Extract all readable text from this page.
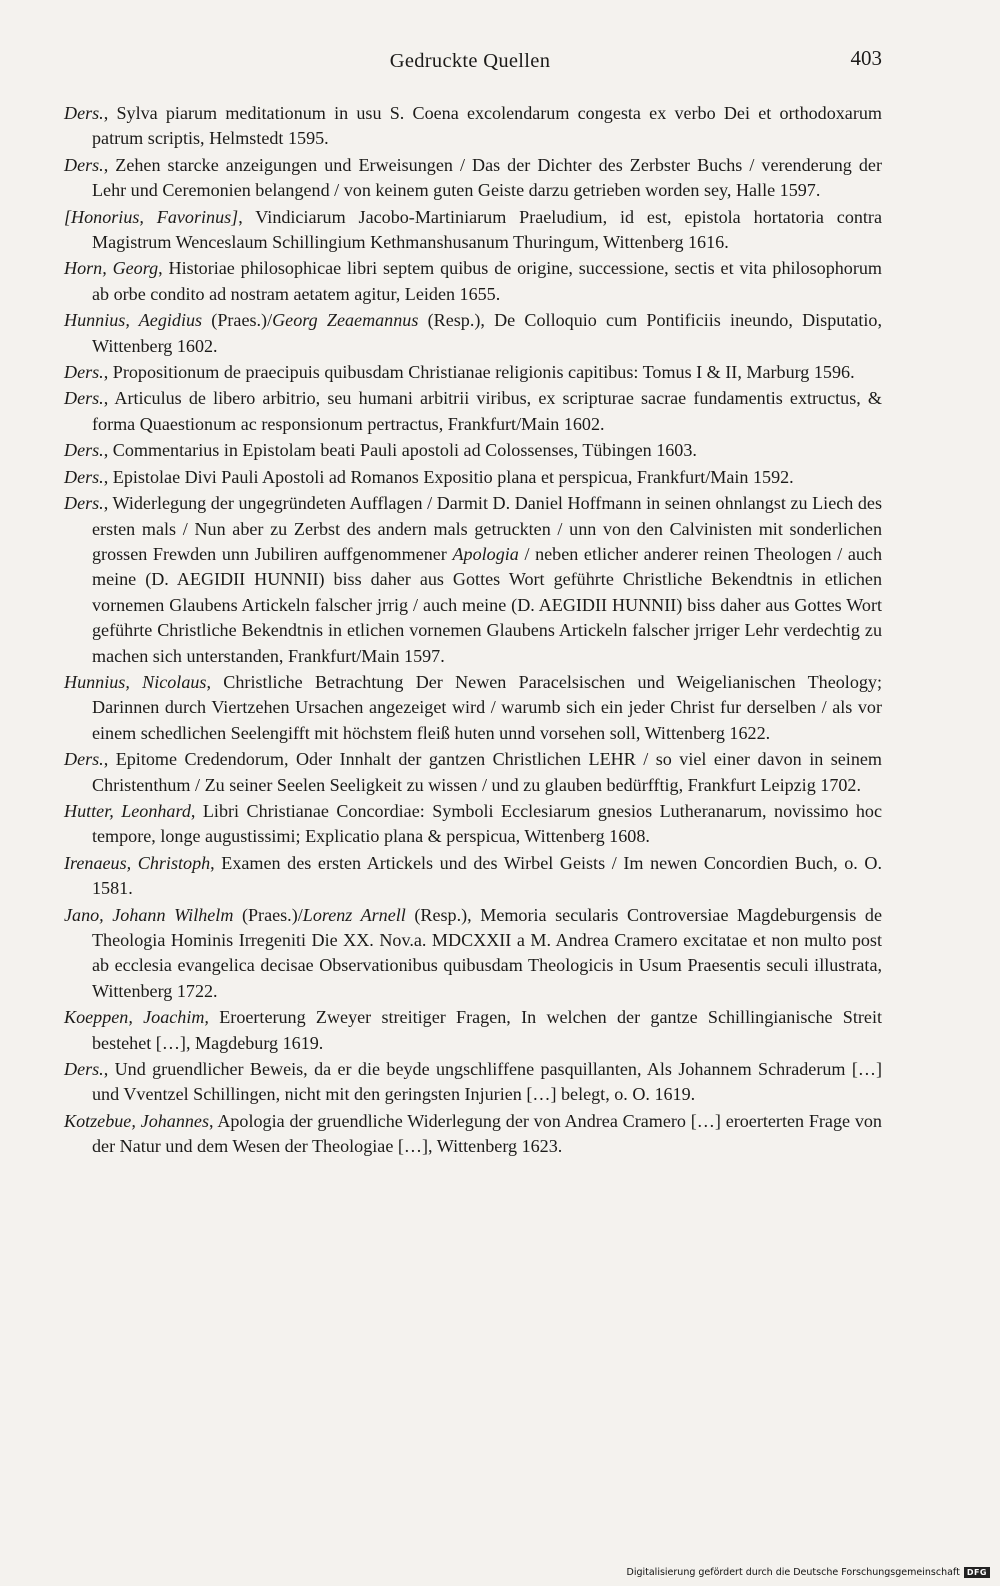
Gedruckte Quellen	403

Ders., Sylva piarum meditationum in usu S. Coena excolendarum congesta ex verbo Dei et orthodoxarum patrum scriptis, Helmstedt 1595.

Ders., Zehen starcke anzeigungen und Erweisungen / Das der Dichter des Zerbster Buchs / verenderung der Lehr und Ceremonien belangend / von keinem guten Geiste darzu getrieben worden sey, Halle 1597.

[Honorius, Favorinus], Vindiciarum Jacobo-Martiniarum Praeludium, id est, epistola hortatoria contra Magistrum Wenceslaum Schillingium Kethmanshusanum Thuringum, Wittenberg 1616.

Horn, Georg, Historiae philosophicae libri septem quibus de origine, successione, sectis et vita philosophorum ab orbe condito ad nostram aetatem agitur, Leiden 1655.

Hunnius, Aegidius (Praes.)/Georg Zeaemannus (Resp.), De Colloquio cum Pontificiis ineundo, Disputatio, Wittenberg 1602.

Ders., Propositionum de praecipuis quibusdam Christianae religionis capitibus: Tomus I & II, Marburg 1596.

Ders., Articulus de libero arbitrio, seu humani arbitrii viribus, ex scripturae sacrae fundamentis extructus, & forma Quaestionum ac responsionum pertractus, Frankfurt/Main 1602.

Ders., Commentarius in Epistolam beati Pauli apostoli ad Colossenses, Tübingen 1603.

Ders., Epistolae Divi Pauli Apostoli ad Romanos Expositio plana et perspicua, Frankfurt/Main 1592.

Ders., Widerlegung der ungegründeten Aufflagen / Darmit D. Daniel Hoffmann in seinen ohnlangst zu Liech des ersten mals / Nun aber zu Zerbst des andern mals getruckten / unn von den Calvinisten mit sonderlichen grossen Frewden unn Jubiliren auffgenommener Apologia / neben etlicher anderer reinen Theologen / auch meine (D. AEGIDII HUNNII) biss daher aus Gottes Wort geführte Christliche Bekendtnis in etlichen vornemen Glaubens Artickeln falscher jrrig / auch meine (D. AEGIDII HUNNII) biss daher aus Gottes Wort geführte Christliche Bekendtnis in etlichen vornemen Glaubens Artickeln falscher jrriger Lehr verdechtig zu machen sich unterstanden, Frankfurt/Main 1597.

Hunnius, Nicolaus, Christliche Betrachtung Der Newen Paracelsischen und Weigelianischen Theology; Darinnen durch Viertzehen Ursachen angezeiget wird / warumb sich ein jeder Christ fur derselben / als vor einem schedlichen Seelengifft mit höchstem fleiß huten unnd vorsehen soll, Wittenberg 1622.

Ders., Epitome Credendorum, Oder Innhalt der gantzen Christlichen LEHR / so viel einer davon in seinem Christenthum / Zu seiner Seelen Seeligkeit zu wissen / und zu glauben bedürfftig, Frankfurt Leipzig 1702.

Hutter, Leonhard, Libri Christianae Concordiae: Symboli Ecclesiarum gnesios Lutheranarum, novissimo hoc tempore, longe augustissimi; Explicatio plana & perspicua, Wittenberg 1608.

Irenaeus, Christoph, Examen des ersten Artickels und des Wirbel Geists / Im newen Concordien Buch, o. O. 1581.

Jano, Johann Wilhelm (Praes.)/Lorenz Arnell (Resp.), Memoria secularis Controversiae Magdeburgensis de Theologia Hominis Irregeniti Die XX. Nov.a. MDCXXII a M. Andrea Cramero excitatae et non multo post ab ecclesia evangelica decisae Observationibus quibusdam Theologicis in Usum Praesentis seculi illustrata, Wittenberg 1722.

Koeppen, Joachim, Eroerterung Zweyer streitiger Fragen, In welchen der gantze Schillingianische Streit bestehet […], Magdeburg 1619.

Ders., Und gruendlicher Beweis, da er die beyde ungschliffene pasquillanten, Als Johannem Schraderum […] und Vventzel Schillingen, nicht mit den geringsten Injurien […] belegt, o. O. 1619.

Kotzebue, Johannes, Apologia der gruendliche Widerlegung der von Andrea Cramero […] eroerterten Frage von der Natur und dem Wesen der Theologiae […], Wittenberg 1623.

Digitalisierung gefördert durch die Deutsche Forschungsgemeinschaft DFG
